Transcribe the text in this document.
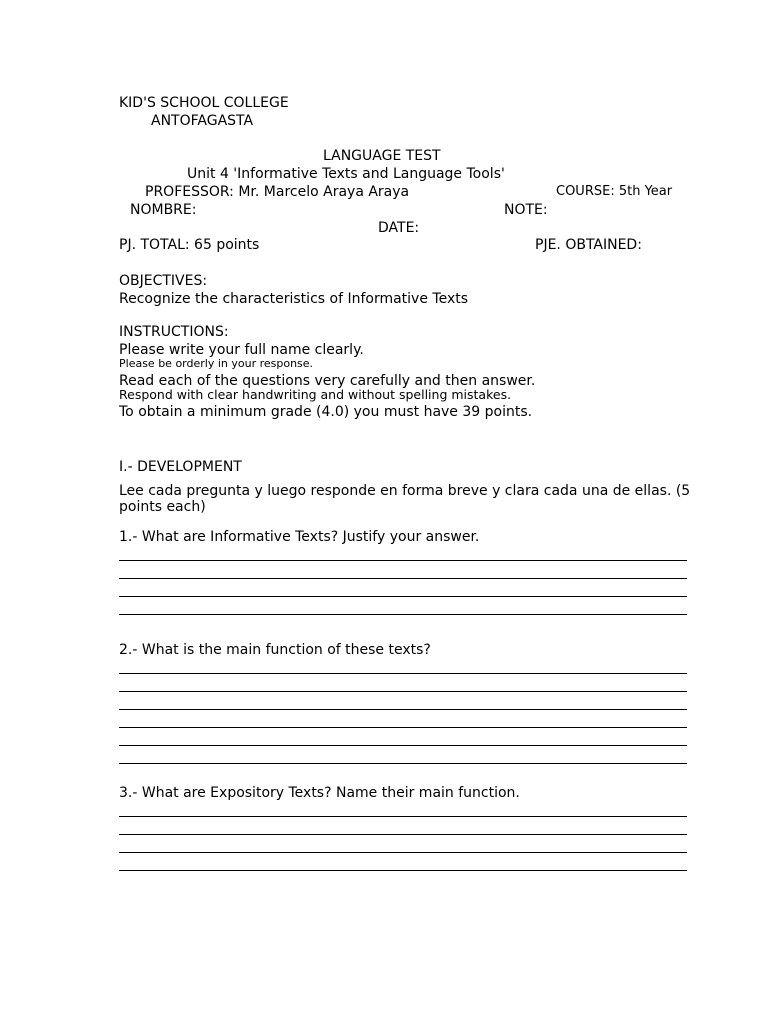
KID'S SCHOOL COLLEGE
ANTOFAGASTA
LANGUAGE TEST
Unit 4 'Informative Texts and Language Tools'
PROFESSOR: Mr. Marcelo Araya Araya	COURSE: 5th Year
NOMBRE:	NOTE:
DATE:
PJ. TOTAL: 65 points	PJE. OBTAINED:
OBJECTIVES:
Recognize the characteristics of Informative Texts
INSTRUCTIONS:
Please write your full name clearly.
Please be orderly in your response.
Read each of the questions very carefully and then answer.
Respond with clear handwriting and without spelling mistakes.
To obtain a minimum grade (4.0) you must have 39 points.
I.- DEVELOPMENT
Lee cada pregunta y luego responde en forma breve y clara cada una de ellas. (5 points each)
1.- What are Informative Texts? Justify your answer.
2.- What is the main function of these texts?
3.- What are Expository Texts? Name their main function.
